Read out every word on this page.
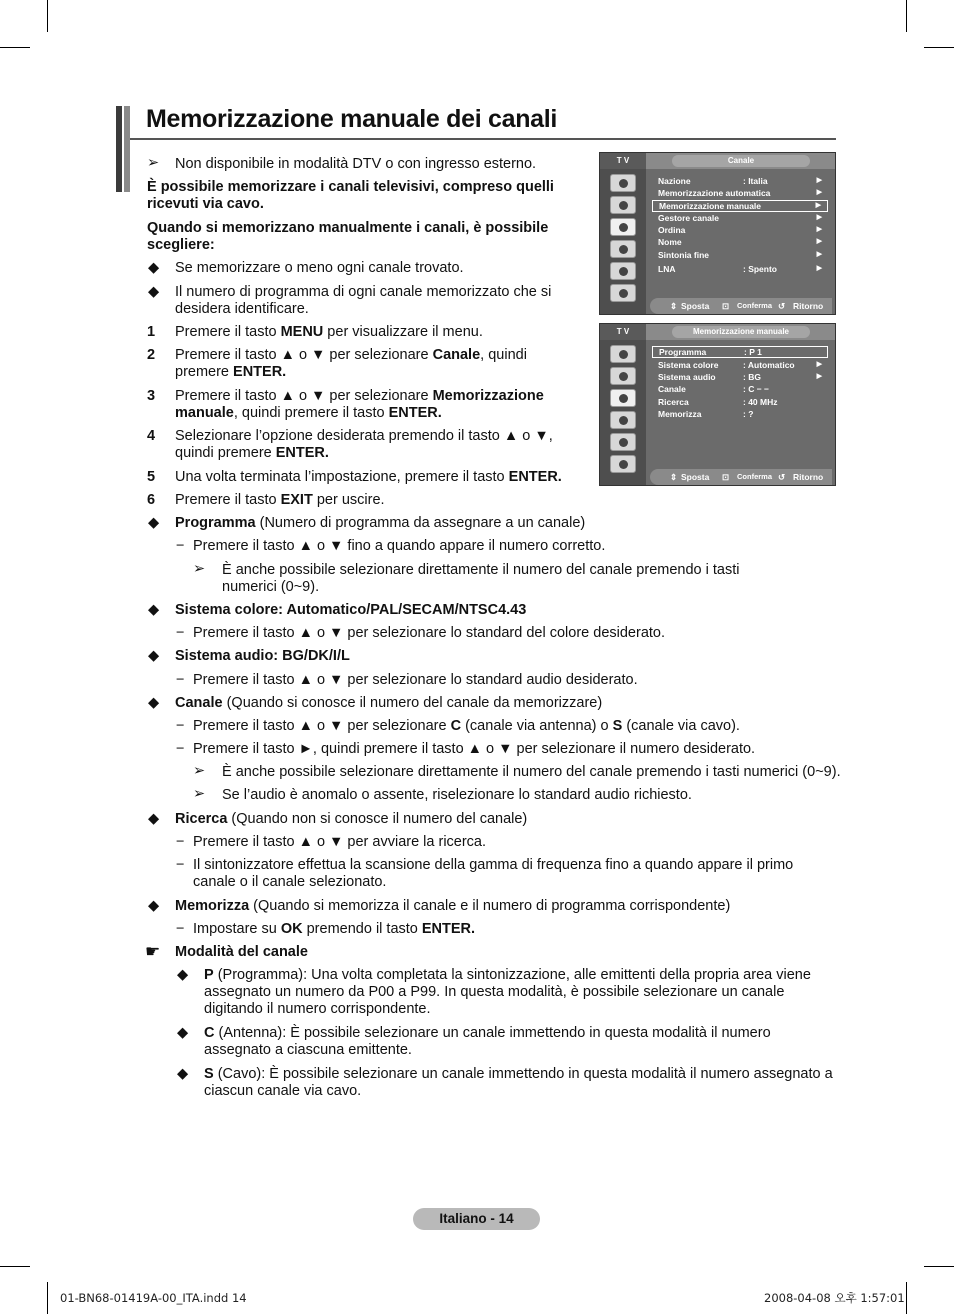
Memorizzazione manuale dei canali
➢ Non disponibile in modalità DTV o con ingresso esterno.
È possibile memorizzare i canali televisivi, compreso quelli ricevuti via cavo.
Quando si memorizzano manualmente i canali, è possibile scegliere:
◆ Se memorizzare o meno ogni canale trovato.
◆ Il numero di programma di ogni canale memorizzato che si desidera identificare.
1 Premere il tasto MENU per visualizzare il menu.
2 Premere il tasto ▲ o ▼ per selezionare Canale, quindi premere ENTER.
3 Premere il tasto ▲ o ▼ per selezionare Memorizzazione manuale, quindi premere il tasto ENTER.
4 Selezionare l’opzione desiderata premendo il tasto ▲ o ▼, quindi premere ENTER.
5 Una volta terminata l’impostazione, premere il tasto ENTER.
6 Premere il tasto EXIT per uscire.
◆ Programma (Numero di programma da assegnare a un canale)
− Premere il tasto ▲ o ▼ fino a quando appare il numero corretto.
➢ È anche possibile selezionare direttamente il numero del canale premendo i tasti numerici (0~9).
◆ Sistema colore: Automatico/PAL/SECAM/NTSC4.43
− Premere il tasto ▲ o ▼ per selezionare lo standard del colore desiderato.
◆ Sistema audio: BG/DK/I/L
− Premere il tasto ▲ o ▼ per selezionare lo standard audio desiderato.
◆ Canale (Quando si conosce il numero del canale da memorizzare)
− Premere il tasto ▲ o ▼ per selezionare C (canale via antenna) o S (canale via cavo).
− Premere il tasto ►, quindi premere il tasto ▲ o ▼ per selezionare il numero desiderato.
➢ È anche possibile selezionare direttamente il numero del canale premendo i tasti numerici (0~9).
➢ Se l’audio è anomalo o assente, riselezionare lo standard audio richiesto.
◆ Ricerca (Quando non si conosce il numero del canale)
− Premere il tasto ▲ o ▼ per avviare la ricerca.
− Il sintonizzatore effettua la scansione della gamma di frequenza fino a quando appare il primo canale o il canale selezionato.
◆ Memorizza (Quando si memorizza il canale e il numero di programma corrispondente)
− Impostare su OK premendo il tasto ENTER.
☛ Modalità del canale
◆ P (Programma): Una volta completata la sintonizzazione, alle emittenti della propria area viene assegnato un numero da P00 a P99. In questa modalità, è possibile selezionare un canale digitando il numero corrispondente.
◆ C (Antenna): È possibile selezionare un canale immettendo in questa modalità il numero assegnato a ciascuna emittente.
◆ S (Cavo): È possibile selezionare un canale immettendo in questa modalità il numero assegnato a ciascun canale via cavo.
T V	Canale
Nazione	: Italia	▶
Memorizzazione automatica	▶
Memorizzazione manuale	▶
Gestore canale	▶
Ordina	▶
Nome	▶
Sintonia fine	▶
LNA	: Spento	▶
⇕ Sposta ⊡ Conferma ↺ Ritorno
T V	Memorizzazione manuale
Programma	: P 1
Sistema colore	: Automatico	▶
Sistema audio	: BG	▶
Canale	: C − −
Ricerca	: 40 MHz
Memorizza	: ?
⇕ Sposta ⊡ Conferma ↺ Ritorno
Italiano - 14
01-BN68-01419A-00_ITA.indd 14	2008-04-08 오후 1:57:01
